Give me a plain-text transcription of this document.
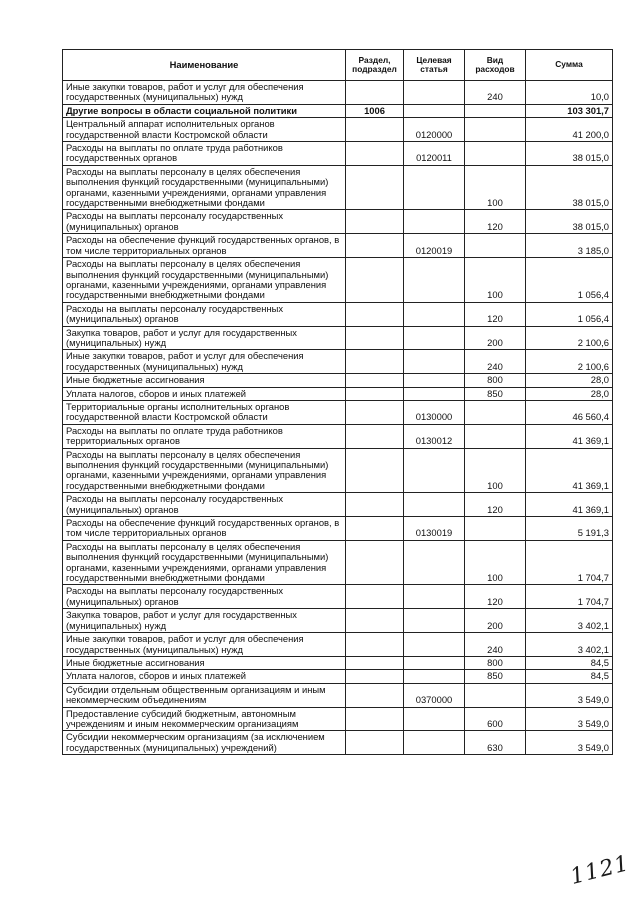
Наименование	Раздел, подраздел	Целевая статья	Вид расходов	Сумма
Иные закупки товаров, работ и услуг для обеспечения государственных (муниципальных) нужд			240	10,0
Другие вопросы в области социальной политики	1006			103 301,7
Центральный аппарат исполнительных органов государственной власти Костромской области		0120000		41 200,0
Расходы на выплаты по оплате труда работников государственных органов		0120011		38 015,0
Расходы на выплаты персоналу в целях обеспечения выполнения функций государственными (муниципальными) органами, казенными учреждениями, органами управления государственными внебюджетными фондами			100	38 015,0
Расходы на выплаты персоналу государственных (муниципальных) органов			120	38 015,0
Расходы на обеспечение функций государственных органов, в том числе территориальных органов		0120019		3 185,0
Расходы на выплаты персоналу в целях обеспечения выполнения функций государственными (муниципальными) органами, казенными учреждениями, органами управления государственными внебюджетными фондами			100	1 056,4
Расходы на выплаты персоналу государственных (муниципальных) органов			120	1 056,4
Закупка товаров, работ и услуг для государственных (муниципальных) нужд			200	2 100,6
Иные закупки товаров, работ и услуг для обеспечения государственных (муниципальных) нужд			240	2 100,6
Иные бюджетные ассигнования			800	28,0
Уплата налогов, сборов и иных платежей			850	28,0
Территориальные органы исполнительных органов государственной власти Костромской области		0130000		46 560,4
Расходы на выплаты по оплате труда работников территориальных органов		0130012		41 369,1
Расходы на выплаты персоналу в целях обеспечения выполнения функций государственными (муниципальными) органами, казенными учреждениями, органами управления государственными внебюджетными фондами			100	41 369,1
Расходы на выплаты персоналу государственных (муниципальных) органов			120	41 369,1
Расходы на обеспечение функций государственных органов, в том числе территориальных органов		0130019		5 191,3
Расходы на выплаты персоналу в целях обеспечения выполнения функций государственными (муниципальными) органами, казенными учреждениями, органами управления государственными внебюджетными фондами			100	1 704,7
Расходы на выплаты персоналу государственных (муниципальных) органов			120	1 704,7
Закупка товаров, работ и услуг для государственных (муниципальных) нужд			200	3 402,1
Иные закупки товаров, работ и услуг для обеспечения государственных (муниципальных) нужд			240	3 402,1
Иные бюджетные ассигнования			800	84,5
Уплата налогов, сборов и иных платежей			850	84,5
Субсидии отдельным общественным организациям и иным некоммерческим объединениям		0370000		3 549,0
Предоставление субсидий бюджетным, автономным учреждениям и иным некоммерческим организациям			600	3 549,0
Субсидии некоммерческим организациям (за исключением государственных (муниципальных) учреждений)			630	3 549,0
1121
